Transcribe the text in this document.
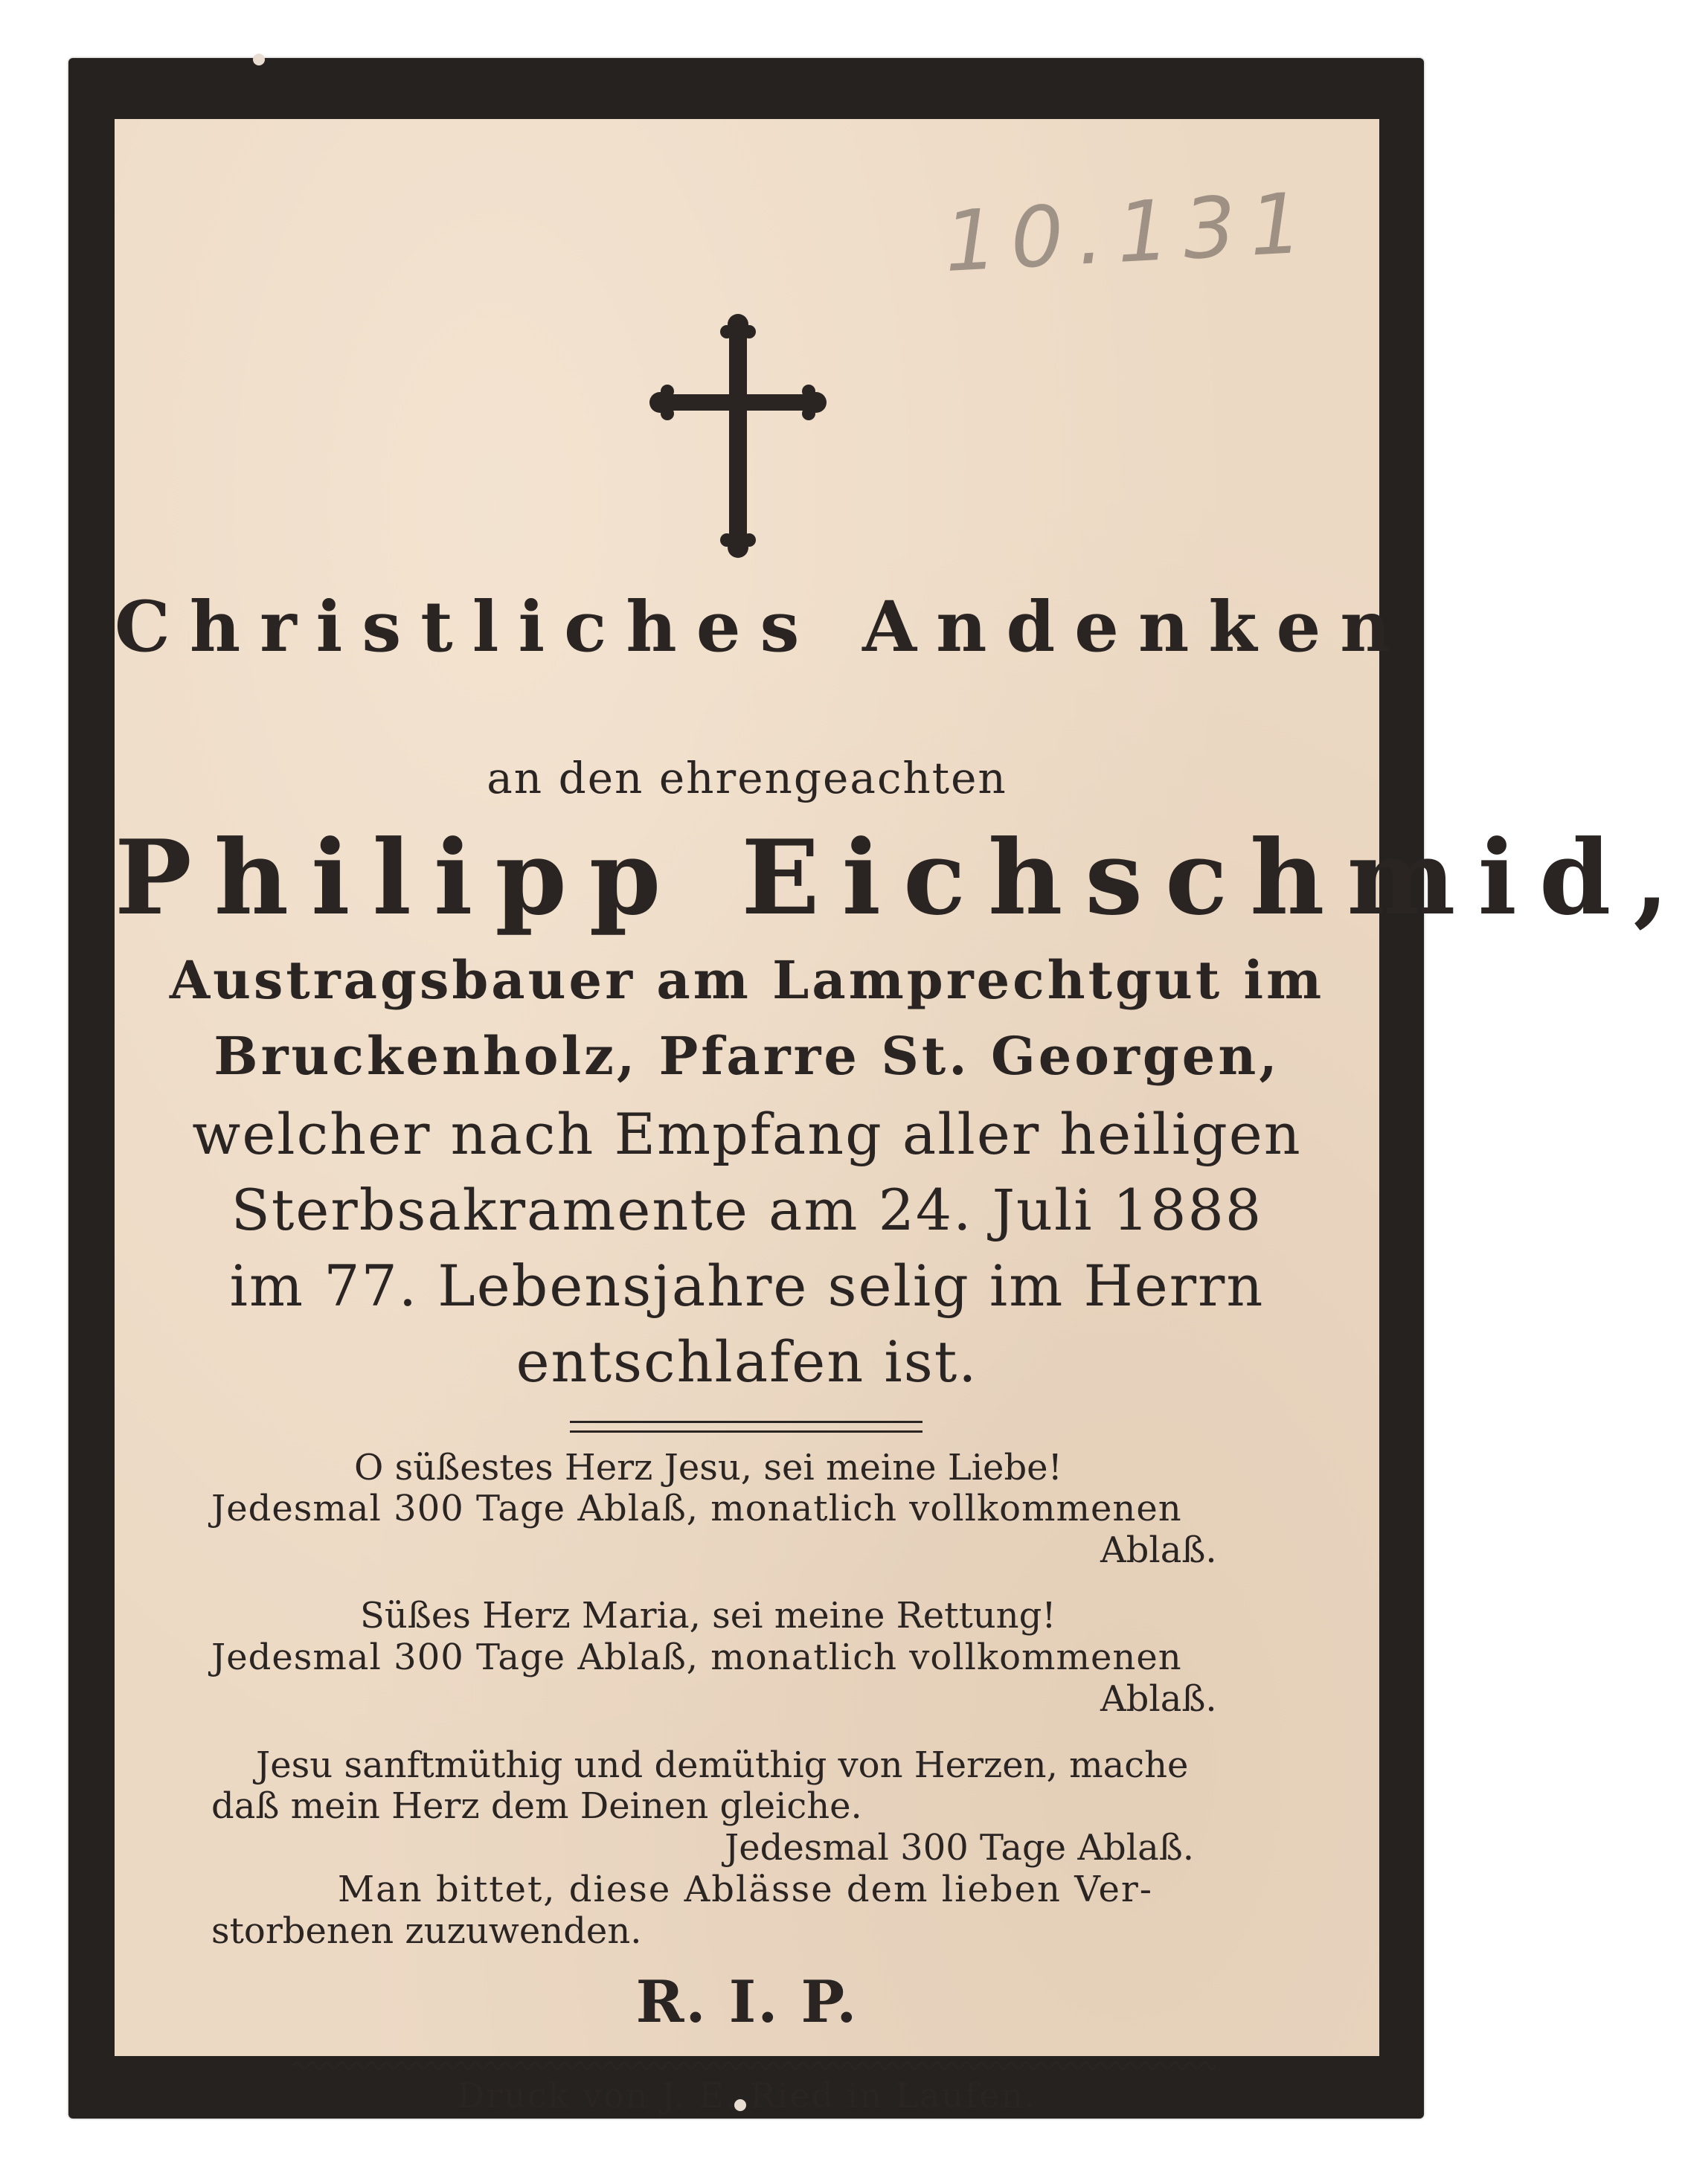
10.131
Christliches Andenken
an den ehrengeachten
Philipp Eichschmid,
Austragsbauer am Lamprechtgut im
Bruckenholz, Pfarre St. Georgen,
welcher nach Empfang aller heiligen
Sterbsakramente am 24. Juli 1888
im 77. Lebensjahre selig im Herrn
entschlafen ist.
O süßestes Herz Jesu, sei meine Liebe!
Jedesmal 300 Tage Ablaß, monatlich vollkommenen
Ablaß.
Süßes Herz Maria, sei meine Rettung!
Jedesmal 300 Tage Ablaß, monatlich vollkommenen
Ablaß.
Jesu sanftmüthig und demüthig von Herzen, mache
daß mein Herz dem Deinen gleiche.
Jedesmal 300 Tage Ablaß.
Man bittet, diese Ablässe dem lieben Ver-
storbenen zuzuwenden.
R. I. P.
Druck von J. E. Ried in Laufen.
